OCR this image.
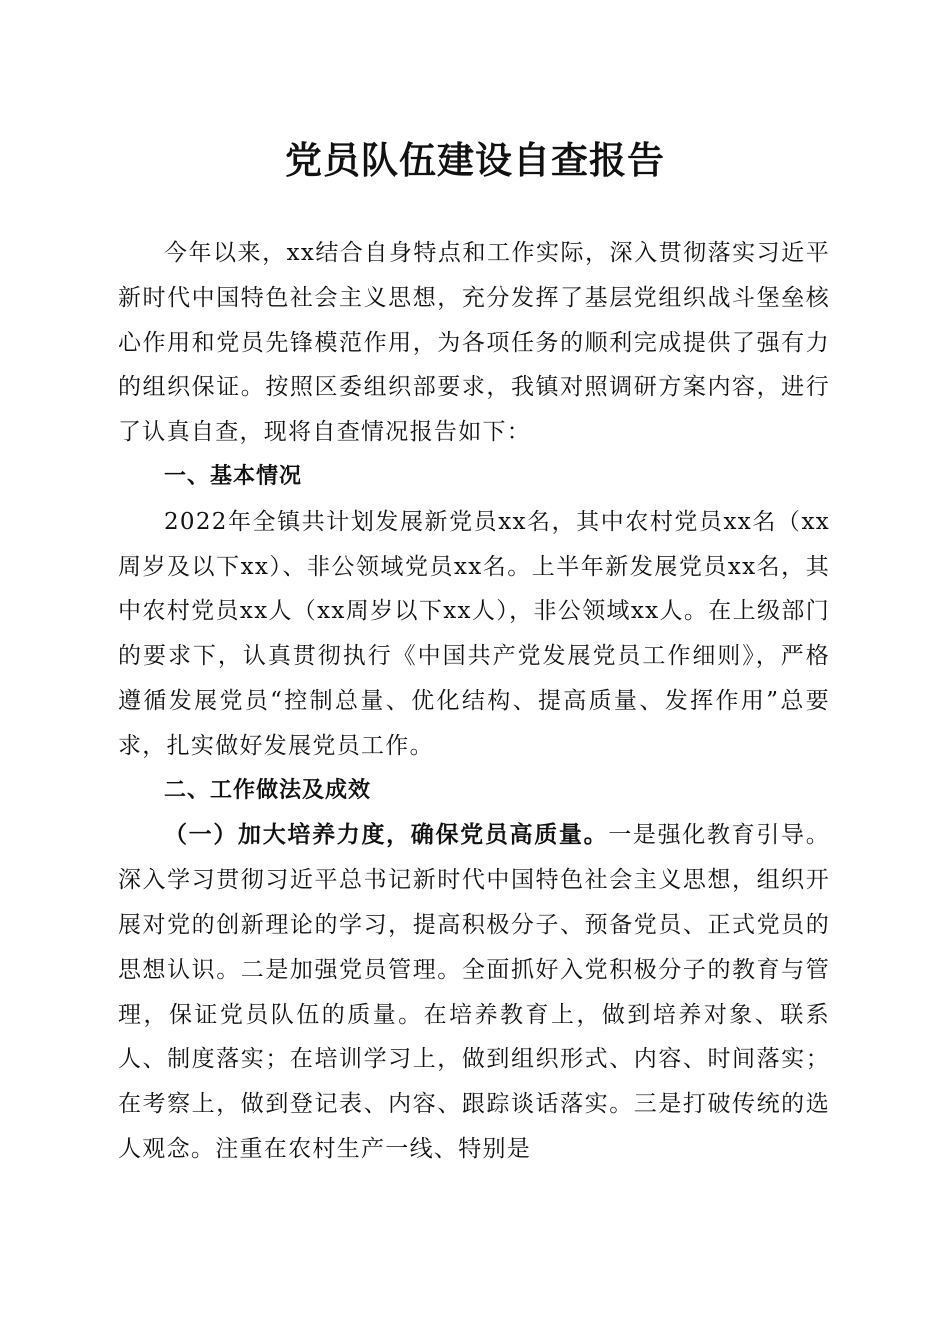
党员队伍建设自查报告

今年以来，xx结合自身特点和工作实际，深入贯彻落实习近平新时代中国特色社会主义思想，充分发挥了基层党组织战斗堡垒核心作用和党员先锋模范作用，为各项任务的顺利完成提供了强有力的组织保证。按照区委组织部要求，我镇对照调研方案内容，进行了认真自查，现将自查情况报告如下：

一、基本情况

2022年全镇共计划发展新党员xx名，其中农村党员xx名（xx周岁及以下xx）、非公领域党员xx名。上半年新发展党员xx名，其中农村党员xx人（xx周岁以下xx人），非公领域xx人。在上级部门的要求下，认真贯彻执行《中国共产党发展党员工作细则》，严格遵循发展党员“控制总量、优化结构、提高质量、发挥作用”总要求，扎实做好发展党员工作。

二、工作做法及成效

（一）加大培养力度，确保党员高质量。一是强化教育引导。深入学习贯彻习近平总书记新时代中国特色社会主义思想，组织开展对党的创新理论的学习，提高积极分子、预备党员、正式党员的思想认识。二是加强党员管理。全面抓好入党积极分子的教育与管理，保证党员队伍的质量。在培养教育上，做到培养对象、联系人、制度落实；在培训学习上，做到组织形式、内容、时间落实；在考察上，做到登记表、内容、跟踪谈话落实。三是打破传统的选人观念。注重在农村生产一线、特别是
